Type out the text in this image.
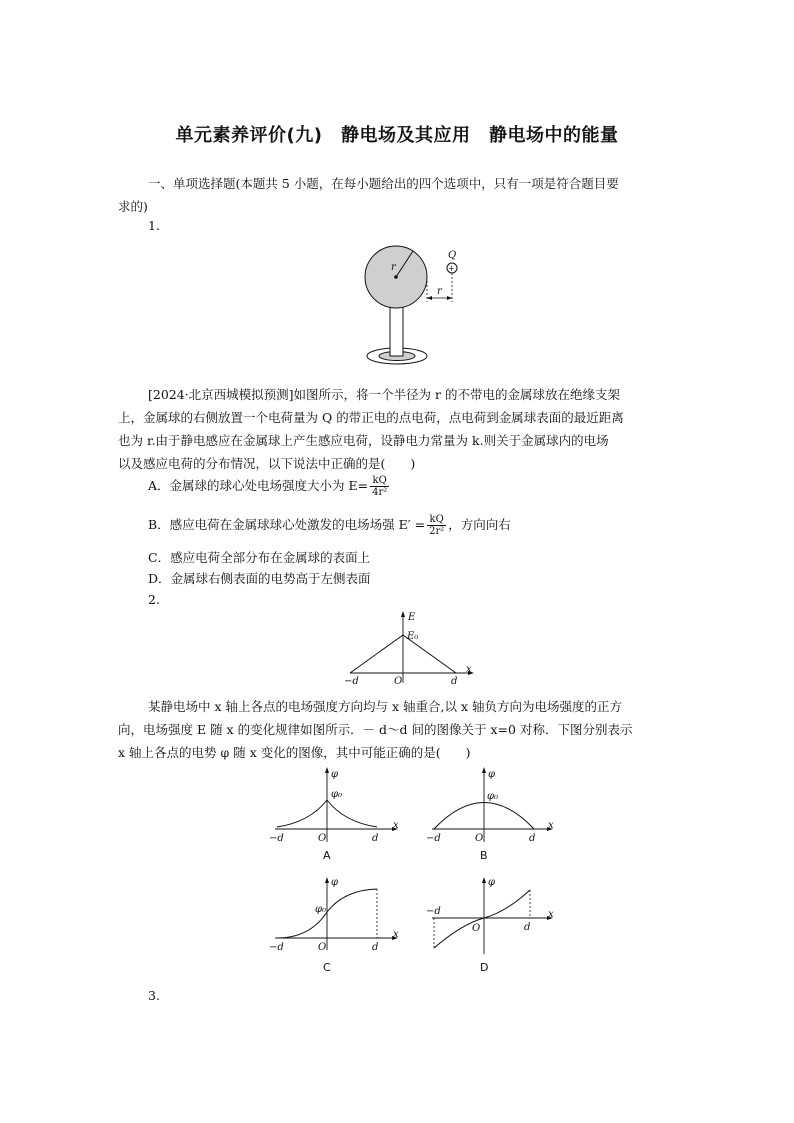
单元素养评价(九)　静电场及其应用　静电场中的能量
一、单项选择题(本题共 5 小题，在每小题给出的四个选项中，只有一项是符合题目要
求的)
1.
r	+
Q
r
[2024·北京西城模拟预测]如图所示，将一个半径为 r 的不带电的金属球放在绝缘支架
上，金属球的右侧放置一个电荷量为 Q 的带正电的点电荷，点电荷到金属球表面的最近距离
也为 r.由于静电感应在金属球上产生感应电荷，设静电力常量为 k.则关于金属球内的电场
以及感应电荷的分布情况，以下说法中正确的是(　　)
A．金属球的球心处电场强度大小为 $E= \frac{kQ}{\text{4r²}}$
B．感应电荷在金属球球心处激发的电场场强 $E' = \frac{kQ}{\text{2r²}}$ ，方向向右
C．感应电荷全部分布在金属球的表面上
D．金属球右侧表面的电势高于左侧表面
2.
E
E₀
O
x
−d	d
某静电场中 x 轴上各点的电场强度方向均与 x 轴重合,以 x 轴负方向为电场强度的正方
向，电场强度 E 随 x 的变化规律如图所示．－ d～d 间的图像关于 x=0 对称．下图分别表示
x 轴上各点的电势 φ 随 x 变化的图像，其中可能正确的是(　　)
φ
φ₀
O
x
−d	d
A
φ
φ₀
O
x
−d	d
B
φ
φ₀
O
x
−d	d
C
φ
O
x
−d
d
D
3.
